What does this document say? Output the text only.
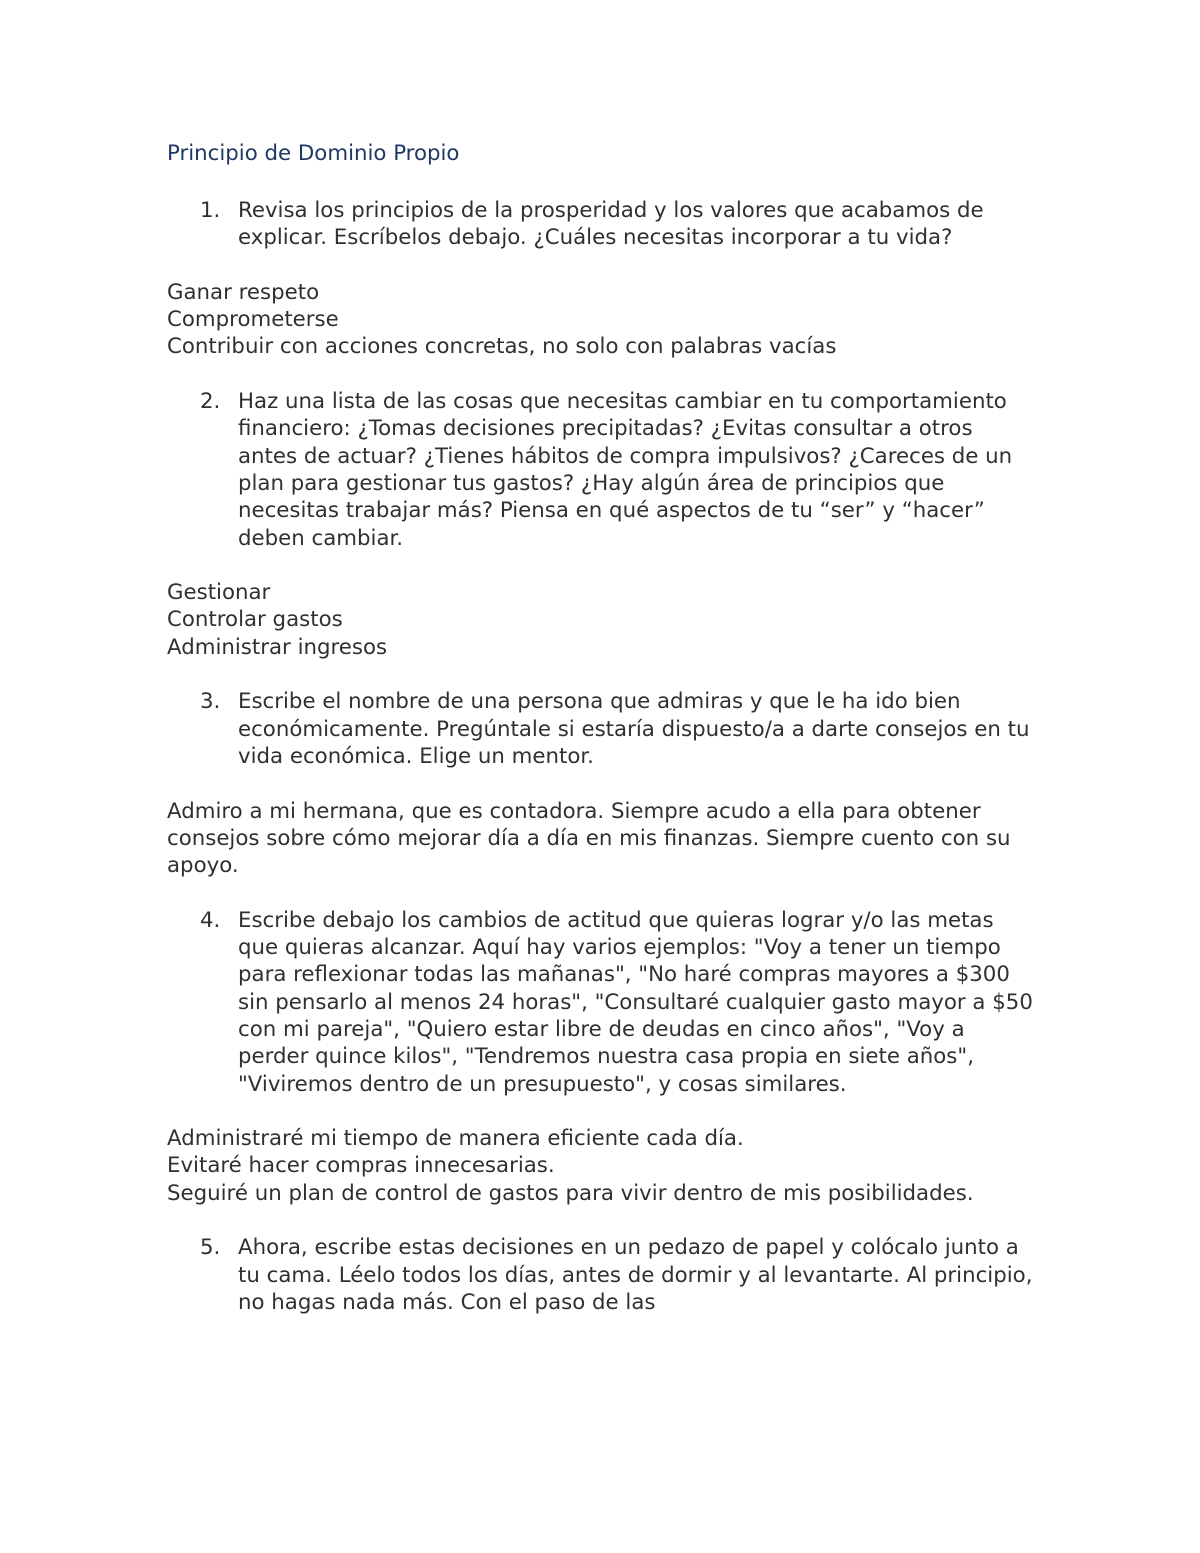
Principio de Dominio Propio
1. Revisa los principios de la prosperidad y los valores que acabamos de explicar. Escríbelos debajo. ¿Cuáles necesitas incorporar a tu vida?
Ganar respeto
Comprometerse
Contribuir con acciones concretas, no solo con palabras vacías
2. Haz una lista de las cosas que necesitas cambiar en tu comportamiento financiero: ¿Tomas decisiones precipitadas? ¿Evitas consultar a otros antes de actuar? ¿Tienes hábitos de compra impulsivos? ¿Careces de un plan para gestionar tus gastos? ¿Hay algún área de principios que necesitas trabajar más? Piensa en qué aspectos de tu “ser” y “hacer” deben cambiar.
Gestionar
Controlar gastos
Administrar ingresos
3. Escribe el nombre de una persona que admiras y que le ha ido bien económicamente. Pregúntale si estaría dispuesto/a a darte consejos en tu vida económica. Elige un mentor.
Admiro a mi hermana, que es contadora. Siempre acudo a ella para obtener consejos sobre cómo mejorar día a día en mis finanzas. Siempre cuento con su apoyo.
4. Escribe debajo los cambios de actitud que quieras lograr y/o las metas que quieras alcanzar. Aquí hay varios ejemplos: "Voy a tener un tiempo para reflexionar todas las mañanas", "No haré compras mayores a $300 sin pensarlo al menos 24 horas", "Consultaré cualquier gasto mayor a $50 con mi pareja", "Quiero estar libre de deudas en cinco años", "Voy a perder quince kilos", "Tendremos nuestra casa propia en siete años", "Viviremos dentro de un presupuesto", y cosas similares.
Administraré mi tiempo de manera eficiente cada día.
Evitaré hacer compras innecesarias.
Seguiré un plan de control de gastos para vivir dentro de mis posibilidades.
5. Ahora, escribe estas decisiones en un pedazo de papel y colócalo junto a tu cama. Léelo todos los días, antes de dormir y al levantarte. Al principio, no hagas nada más. Con el paso de las
